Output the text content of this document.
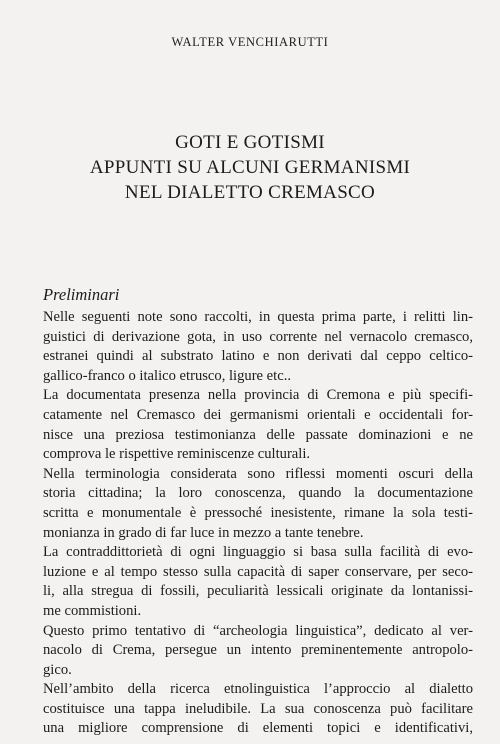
WALTER VENCHIARUTTI
GOTI E GOTISMI
APPUNTI SU ALCUNI GERMANISMI
NEL DIALETTO CREMASCO
Preliminari
Nelle seguenti note sono raccolti, in questa prima parte, i relitti lin-
guistici di derivazione gota, in uso corrente nel vernacolo cremasco,
estranei quindi al substrato latino e non derivati dal ceppo celtico-
gallico-franco o italico etrusco, ligure etc..
La documentata presenza nella provincia di Cremona e più specifi-
catamente nel Cremasco dei germanismi orientali e occidentali for-
nisce una preziosa testimonianza delle passate dominazioni e ne
comprova le rispettive reminiscenze culturali.
Nella terminologia considerata sono riflessi momenti oscuri della
storia cittadina; la loro conoscenza, quando la documentazione
scritta e monumentale è pressoché inesistente, rimane la sola testi-
monianza in grado di far luce in mezzo a tante tenebre.
La contraddittorietà di ogni linguaggio si basa sulla facilità di evo-
luzione e al tempo stesso sulla capacità di saper conservare, per seco-
li, alla stregua di fossili, peculiarità lessicali originate da lontanissi-
me commistioni.
Questo primo tentativo di “archeologia linguistica”, dedicato al ver-
nacolo di Crema, persegue un intento preminentemente antropolo-
gico.
Nell’ambito della ricerca etnolinguistica l’approccio al dialetto
costituisce una tappa ineludibile. La sua conoscenza può facilitare
una migliore comprensione di elementi topici e identificativi,
